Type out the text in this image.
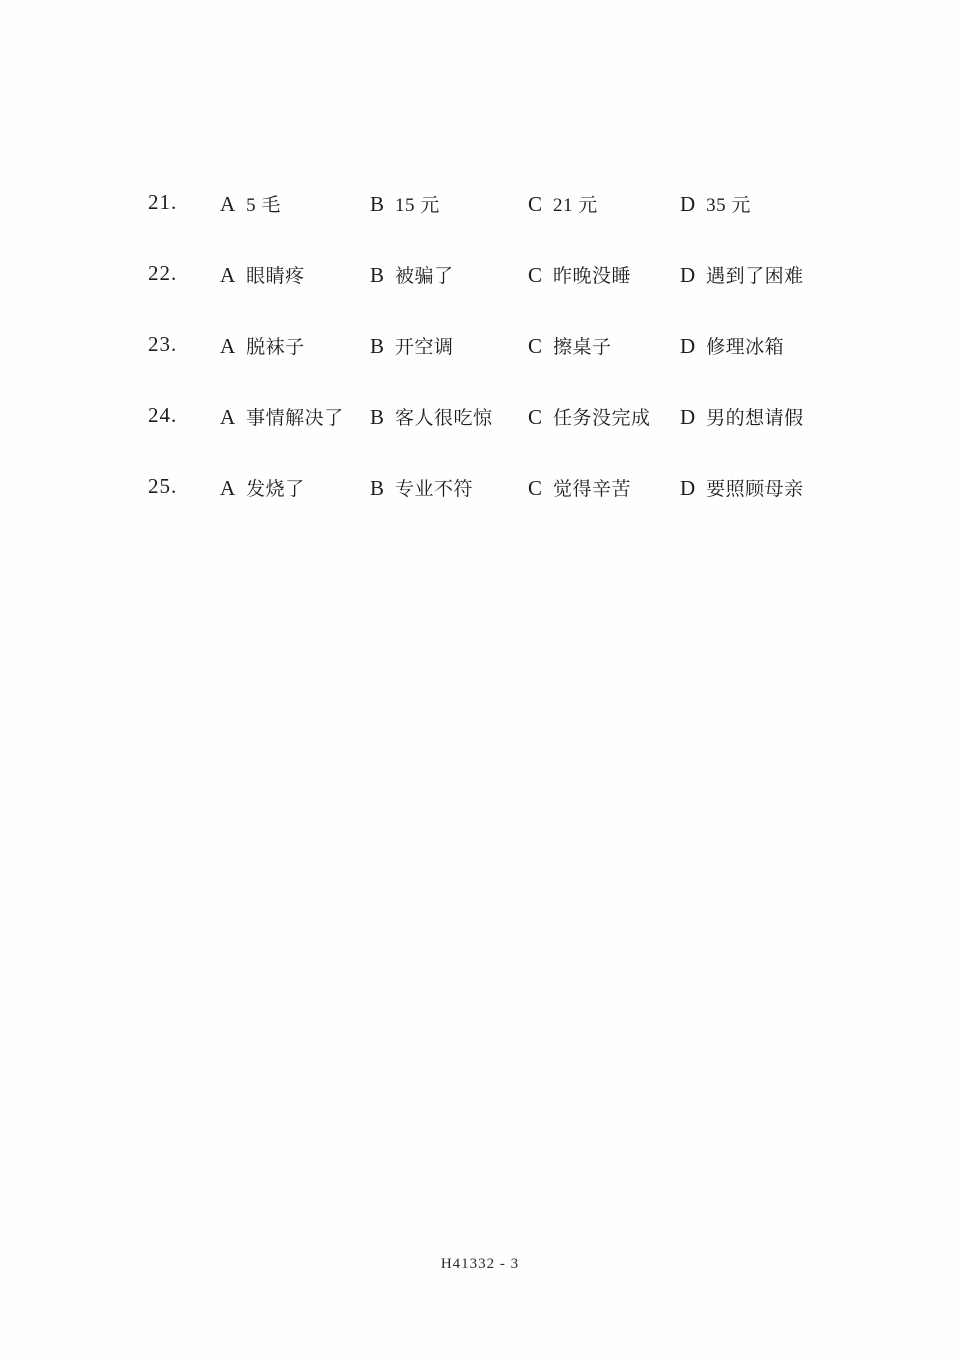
21. A 5 毛	B 15 元	C 21 元	D 35 元
22. A 眼睛疼	B 被骗了	C 昨晚没睡 D 遇到了困难
23. A 脱袜子	B 开空调	C 擦桌子	D 修理冰箱
24. A 事情解决了 B 客人很吃惊 C 任务没完成 D 男的想请假
25. A 发烧了	B 专业不符	C 觉得辛苦 D 要照顾母亲
H41332 - 3
